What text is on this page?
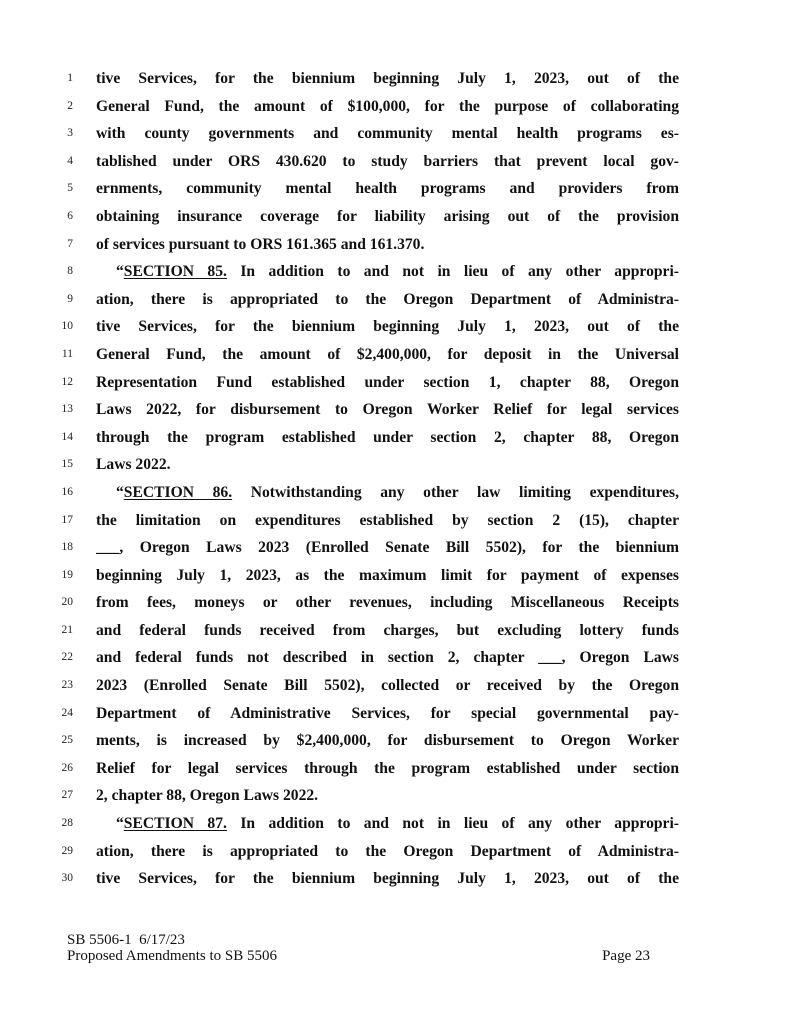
1 tive Services, for the biennium beginning July 1, 2023, out of the
2 General Fund, the amount of $100,000, for the purpose of collaborating
3 with county governments and community mental health programs es-
4 tablished under ORS 430.620 to study barriers that prevent local gov-
5 ernments, community mental health programs and providers from
6 obtaining insurance coverage for liability arising out of the provision
7 of services pursuant to ORS 161.365 and 161.370.
8	“SECTION 85. In addition to and not in lieu of any other appropri-
9 ation, there is appropriated to the Oregon Department of Administra-
10 tive Services, for the biennium beginning July 1, 2023, out of the
11 General Fund, the amount of $2,400,000, for deposit in the Universal
12 Representation Fund established under section 1, chapter 88, Oregon
13 Laws 2022, for disbursement to Oregon Worker Relief for legal services
14 through the program established under section 2, chapter 88, Oregon
15 Laws 2022.
16	“SECTION 86. Notwithstanding any other law limiting expenditures,
17 the limitation on expenditures established by section 2 (15), chapter
18 ___, Oregon Laws 2023 (Enrolled Senate Bill 5502), for the biennium
19 beginning July 1, 2023, as the maximum limit for payment of expenses
20 from fees, moneys or other revenues, including Miscellaneous Receipts
21 and federal funds received from charges, but excluding lottery funds
22 and federal funds not described in section 2, chapter ___, Oregon Laws
23 2023 (Enrolled Senate Bill 5502), collected or received by the Oregon
24 Department of Administrative Services, for special governmental pay-
25 ments, is increased by $2,400,000, for disbursement to Oregon Worker
26 Relief for legal services through the program established under section
27 2, chapter 88, Oregon Laws 2022.
28	“SECTION 87. In addition to and not in lieu of any other appropri-
29 ation, there is appropriated to the Oregon Department of Administra-
30 tive Services, for the biennium beginning July 1, 2023, out of the
SB 5506-1  6/17/23
Proposed Amendments to SB 5506	Page 23
